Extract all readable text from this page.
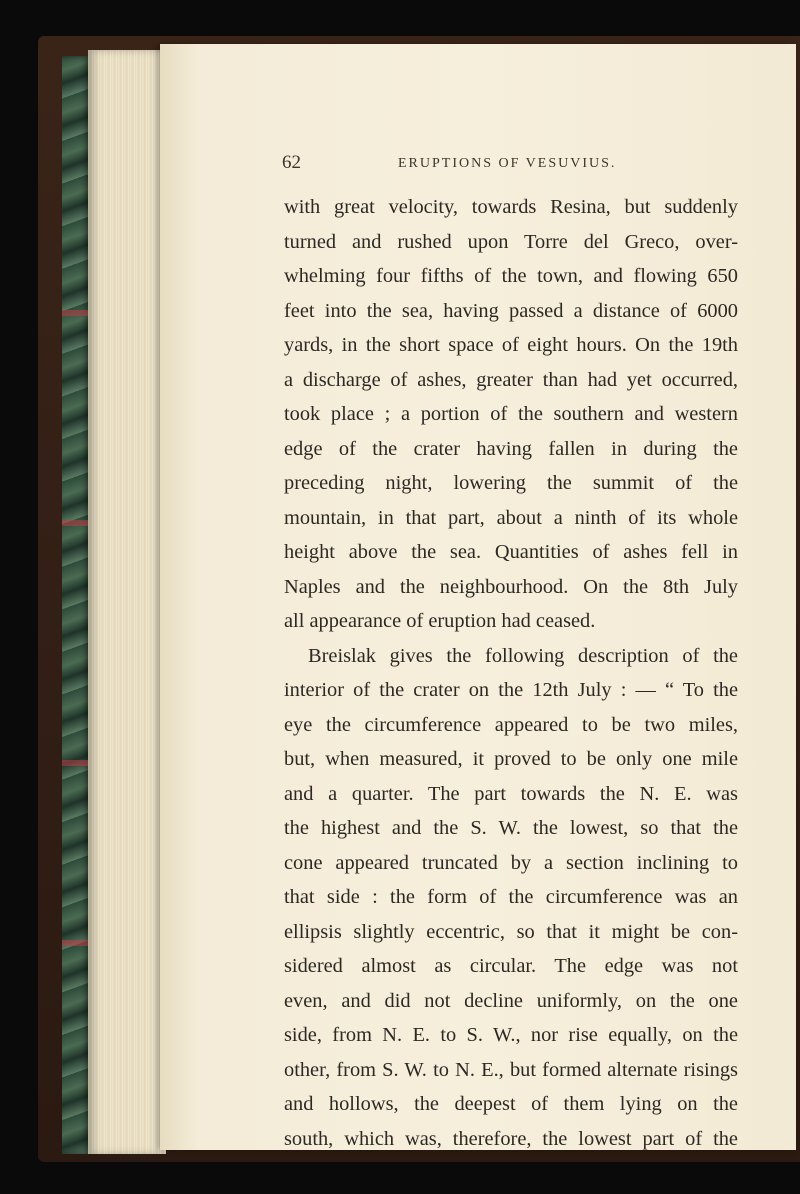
62	ERUPTIONS OF VESUVIUS.
with great velocity, towards Resina, but suddenly
turned and rushed upon Torre del Greco, over-
whelming four fifths of the town, and flowing 650
feet into the sea, having passed a distance of 6000
yards, in the short space of eight hours. On the 19th
a discharge of ashes, greater than had yet occurred,
took place ; a portion of the southern and western
edge of the crater having fallen in during the
preceding night, lowering the summit of the
mountain, in that part, about a ninth of its whole
height above the sea. Quantities of ashes fell in
Naples and the neighbourhood. On the 8th July
all appearance of eruption had ceased.
Breislak gives the following description of the
interior of the crater on the 12th July : — “ To the
eye the circumference appeared to be two miles,
but, when measured, it proved to be only one mile
and a quarter. The part towards the N. E. was
the highest and the S. W. the lowest, so that the
cone appeared truncated by a section inclining to
that side : the form of the circumference was an
ellipsis slightly eccentric, so that it might be con-
sidered almost as circular. The edge was not
even, and did not decline uniformly, on the one
side, from N. E. to S. W., nor rise equally, on the
other, from S. W. to N. E., but formed alternate risings
and hollows, the deepest of them lying on the
south, which was, therefore, the lowest part of the
